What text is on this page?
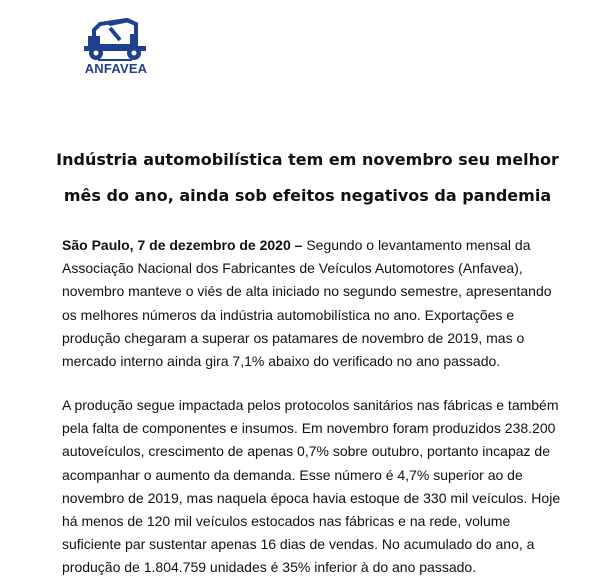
ANFAVEA
Indústria automobilística tem em novembro seu melhor mês do ano, ainda sob efeitos negativos da pandemia

São Paulo, 7 de dezembro de 2020 – Segundo o levantamento mensal da Associação Nacional dos Fabricantes de Veículos Automotores (Anfavea), novembro manteve o viés de alta iniciado no segundo semestre, apresentando os melhores números da indústria automobilística no ano. Exportações e produção chegaram a superar os patamares de novembro de 2019, mas o mercado interno ainda gira 7,1% abaixo do verificado no ano passado.

A produção segue impactada pelos protocolos sanitários nas fábricas e também pela falta de componentes e insumos. Em novembro foram produzidos 238.200 autoveículos, crescimento de apenas 0,7% sobre outubro, portanto incapaz de acompanhar o aumento da demanda. Esse número é 4,7% superior ao de novembro de 2019, mas naquela época havia estoque de 330 mil veículos. Hoje há menos de 120 mil veículos estocados nas fábricas e na rede, volume suficiente par sustentar apenas 16 dias de vendas. No acumulado do ano, a produção de 1.804.759 unidades é 35% inferior à do ano passado.
